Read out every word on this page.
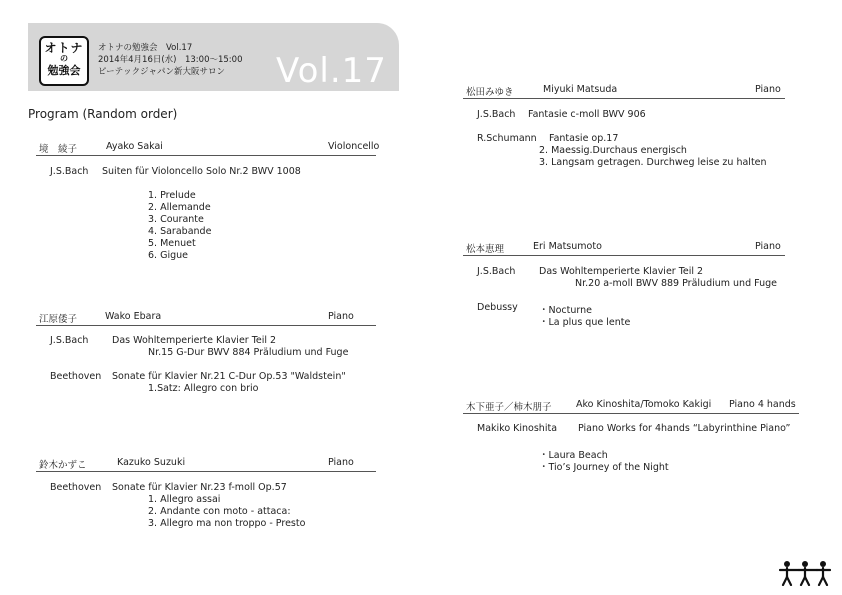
オトナ
の
勉強会
オトナの勉強会　Vol.17
2014年4月16日(水)　13:00～15:00
ピーテックジャパン新大阪サロン Vol.17
Program (Random order)
境　綾子	Ayako Sakai	Violoncello
J.S.Bach Suiten für Violoncello Solo Nr.2 BWV 1008
1. Prelude
2. Allemande
3. Courante
4. Sarabande
5. Menuet
6. Gigue
江原倭子	Wako Ebara	Piano
J.S.Bach Das Wohltemperierte Klavier Teil 2
Nr.15 G-Dur BWV 884 Präludium und Fuge
Beethoven Sonate für Klavier Nr.21 C-Dur Op.53 "Waldstein"
1.Satz: Allegro con brio
鈴木かずこ	Kazuko Suzuki	Piano
Beethoven Sonate für Klavier Nr.23 f-moll Op.57
1. Allegro assai
2. Andante con moto - attaca:
3. Allegro ma non troppo - Presto
松田みゆき	Miyuki Matsuda	Piano
J.S.Bach Fantasie c-moll BWV 906
R.Schumann Fantasie op.17
2. Maessig.Durchaus energisch
3. Langsam getragen. Durchweg leise zu halten
松本恵理	Eri Matsumoto	Piano
J.S.Bach Das Wohltemperierte Klavier Teil 2
Nr.20 a-moll BWV 889 Präludium und Fuge
Debussy ・Nocturne
・La plus que lente
木下亜子／柿木朋子	Ako Kinoshita/Tomoko Kakigi Piano 4 hands
Makiko Kinoshita Piano Works for 4hands “Labyrinthine Piano”
・Laura Beach
・Tio’s Journey of the Night
